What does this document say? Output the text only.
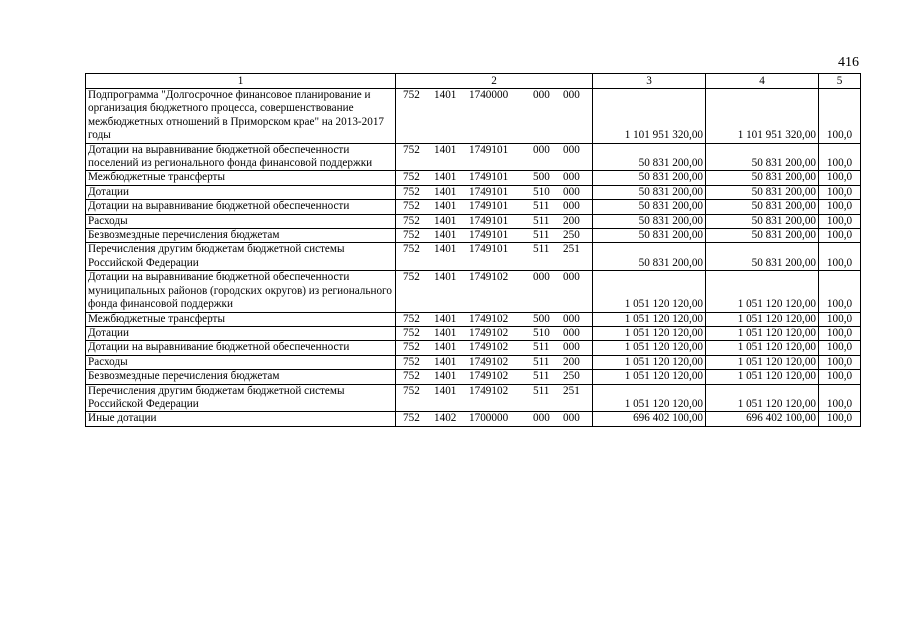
416
1	2	3	4	5
Подпрограмма "Долгосрочное финансовое планирование и организация бюджетного процесса, совершенствование межбюджетных отношений в Приморском крае" на 2013-2017 годы	752 1401 1740000 000 000	1 101 951 320,00	1 101 951 320,00	100,0
Дотации на выравнивание бюджетной обеспеченности поселений из регионального фонда финансовой поддержки	752 1401 1749101 000 000	50 831 200,00	50 831 200,00	100,0
Межбюджетные трансферты	752 1401 1749101 500 000	50 831 200,00	50 831 200,00	100,0
Дотации	752 1401 1749101 510 000	50 831 200,00	50 831 200,00	100,0
Дотации на выравнивание бюджетной обеспеченности	752 1401 1749101 511 000	50 831 200,00	50 831 200,00	100,0
Расходы	752 1401 1749101 511 200	50 831 200,00	50 831 200,00	100,0
Безвозмездные перечисления бюджетам	752 1401 1749101 511 250	50 831 200,00	50 831 200,00	100,0
Перечисления другим бюджетам бюджетной системы Российской Федерации	752 1401 1749101 511 251	50 831 200,00	50 831 200,00	100,0
Дотации на выравнивание бюджетной обеспеченности муниципальных районов (городских округов) из регионального фонда финансовой поддержки	752 1401 1749102 000 000	1 051 120 120,00	1 051 120 120,00	100,0
Межбюджетные трансферты	752 1401 1749102 500 000	1 051 120 120,00	1 051 120 120,00	100,0
Дотации	752 1401 1749102 510 000	1 051 120 120,00	1 051 120 120,00	100,0
Дотации на выравнивание бюджетной обеспеченности	752 1401 1749102 511 000	1 051 120 120,00	1 051 120 120,00	100,0
Расходы	752 1401 1749102 511 200	1 051 120 120,00	1 051 120 120,00	100,0
Безвозмездные перечисления бюджетам	752 1401 1749102 511 250	1 051 120 120,00	1 051 120 120,00	100,0
Перечисления другим бюджетам бюджетной системы Российской Федерации	752 1401 1749102 511 251	1 051 120 120,00	1 051 120 120,00	100,0
Иные дотации	752 1402 1700000 000 000	696 402 100,00	696 402 100,00	100,0
